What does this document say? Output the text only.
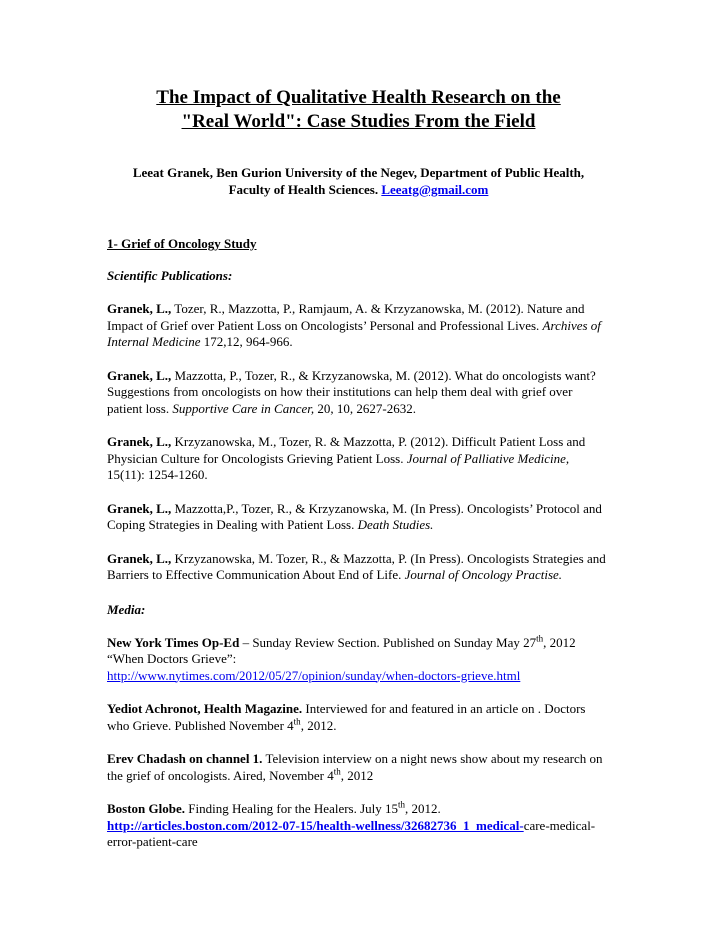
The Impact of Qualitative Health Research on the
"Real World": Case Studies From the Field
Leeat Granek, Ben Gurion University of the Negev, Department of Public Health,
Faculty of Health Sciences. Leeatg@gmail.com
1- Grief of Oncology Study
Scientific Publications:
Granek, L., Tozer, R., Mazzotta, P., Ramjaum, A. & Krzyzanowska, M. (2012). Nature and Impact of Grief over Patient Loss on Oncologists’ Personal and Professional Lives. Archives of Internal Medicine 172,12, 964-966.
Granek, L., Mazzotta, P., Tozer, R., & Krzyzanowska, M. (2012). What do oncologists want? Suggestions from oncologists on how their institutions can help them deal with grief over patient loss. Supportive Care in Cancer, 20, 10, 2627-2632.
Granek, L., Krzyzanowska, M., Tozer, R. & Mazzotta, P. (2012). Difficult Patient Loss and Physician Culture for Oncologists Grieving Patient Loss. Journal of Palliative Medicine, 15(11): 1254-1260.
Granek, L., Mazzotta,P., Tozer, R., & Krzyzanowska, M. (In Press). Oncologists’ Protocol and Coping Strategies in Dealing with Patient Loss. Death Studies.
Granek, L., Krzyzanowska, M. Tozer, R., & Mazzotta, P. (In Press). Oncologists Strategies and Barriers to Effective Communication About End of Life. Journal of Oncology Practise.
Media:
New York Times Op-Ed – Sunday Review Section. Published on Sunday May 27th, 2012 “When Doctors Grieve”:
http://www.nytimes.com/2012/05/27/opinion/sunday/when-doctors-grieve.html
Yediot Achronot, Health Magazine. Interviewed for and featured in an article on . Doctors who Grieve. Published November 4th, 2012.
Erev Chadash on channel 1. Television interview on a night news show about my research on the grief of oncologists. Aired, November 4th, 2012
Boston Globe. Finding Healing for the Healers. July 15th, 2012.
http://articles.boston.com/2012-07-15/health-wellness/32682736_1_medical-care-medical-error-patient-care
